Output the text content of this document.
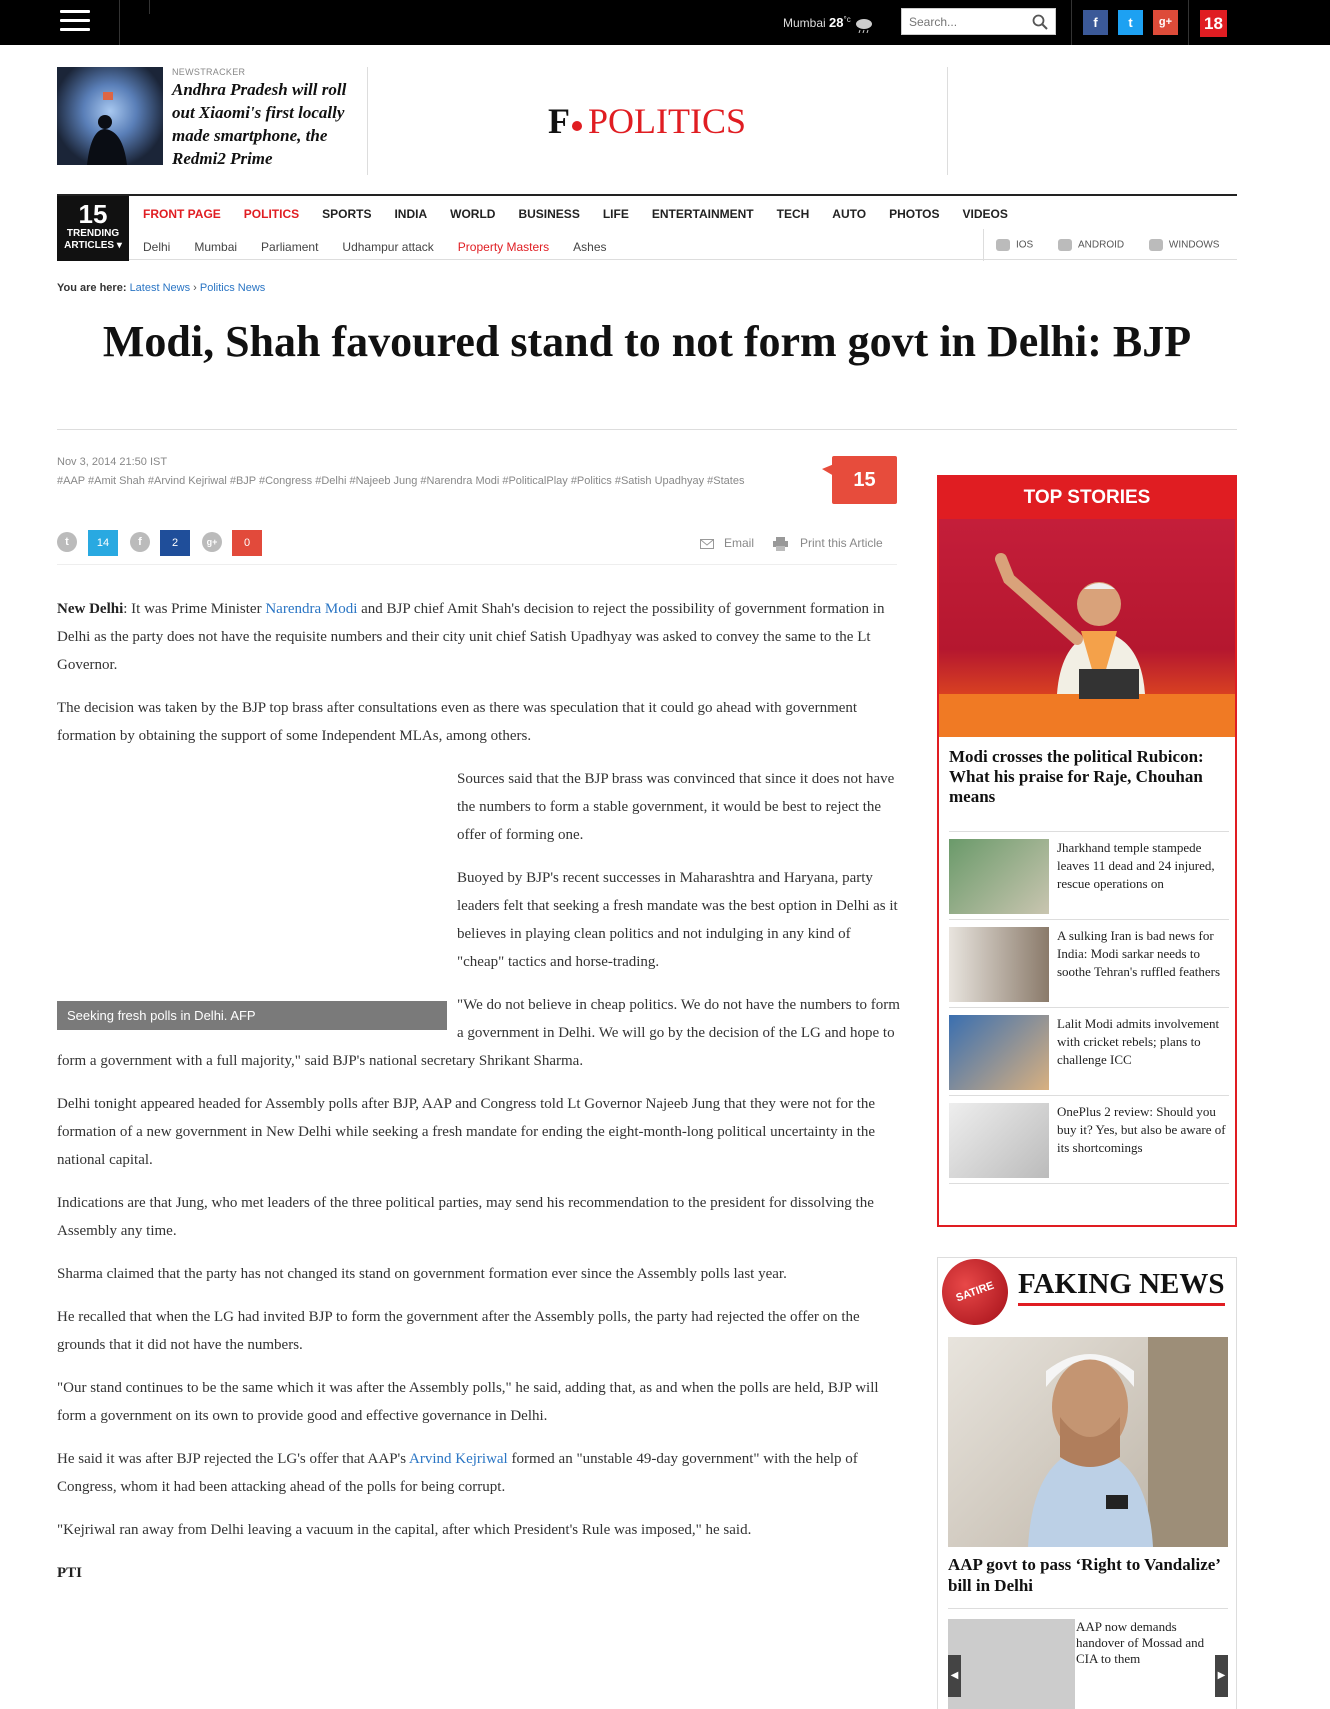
Mumbai $28^{^\circ c}$
Search...	f	t	g+	18
NEWSTRACKER
Andhra Pradesh will roll out Xiaomi's first locally made smartphone, the Redmi2 Prime
F POLITICS
15
TRENDING
ARTICLES ▾
FRONT PAGE POLITICS SPORTS INDIA WORLD BUSINESS LIFE ENTERTAINMENT TECH AUTO PHOTOS VIDEOS
Delhi Mumbai Parliament Udhampur attack Property Masters Ashes	IOS	ANDROID	WINDOWS
You are here: Latest News › Politics News
Modi, Shah favoured stand to not form govt in Delhi: BJP
Nov 3, 2014 21:50 IST
#AAP #Amit Shah #Arvind Kejriwal #BJP #Congress #Delhi #Najeeb Jung #Narendra Modi #PoliticalPlay #Politics #Satish Upadhyay #States	15
t	14	f	2	g+	0	Email	Print this Article

New Delhi: It was Prime Minister Narendra Modi and BJP chief Amit Shah's decision to reject the possibility of government formation in Delhi as the party does not have the requisite numbers and their city unit chief Satish Upadhyay was asked to convey the same to the Lt Governor.

The decision was taken by the BJP top brass after consultations even as there was speculation that it could go ahead with government formation by obtaining the support of some Independent MLAs, among others.

Seeking fresh polls in Delhi. AFP

Sources said that the BJP brass was convinced that since it does not have the numbers to form a stable government, it would be best to reject the offer of forming one.

Buoyed by BJP's recent successes in Maharashtra and Haryana, party leaders felt that seeking a fresh mandate was the best option in Delhi as it believes in playing clean politics and not indulging in any kind of "cheap" tactics and horse-trading.

"We do not believe in cheap politics. We do not have the numbers to form a government in Delhi. We will go by the decision of the LG and hope to form a government with a full majority," said BJP's national secretary Shrikant Sharma.

Delhi tonight appeared headed for Assembly polls after BJP, AAP and Congress told Lt Governor Najeeb Jung that they were not for the formation of a new government in New Delhi while seeking a fresh mandate for ending the eight-month-long political uncertainty in the national capital.

Indications are that Jung, who met leaders of the three political parties, may send his recommendation to the president for dissolving the Assembly any time.

Sharma claimed that the party has not changed its stand on government formation ever since the Assembly polls last year.

He recalled that when the LG had invited BJP to form the government after the Assembly polls, the party had rejected the offer on the grounds that it did not have the numbers.

"Our stand continues to be the same which it was after the Assembly polls," he said, adding that, as and when the polls are held, BJP will form a government on its own to provide good and effective governance in Delhi.

He said it was after BJP rejected the LG's offer that AAP's Arvind Kejriwal formed an "unstable 49-day government" with the help of Congress, whom it had been attacking ahead of the polls for being corrupt.

"Kejriwal ran away from Delhi leaving a vacuum in the capital, after which President's Rule was imposed," he said.

PTI

TOP STORIES
Modi crosses the political Rubicon: What his praise for Raje, Chouhan means
Jharkhand temple stampede leaves 11 dead and 24 injured, rescue operations on
A sulking Iran is bad news for India: Modi sarkar needs to soothe Tehran's ruffled feathers
Lalit Modi admits involvement with cricket rebels; plans to challenge ICC
OnePlus 2 review: Should you buy it? Yes, but also be aware of its shortcomings
SATIRE FAKING NEWS
AAP govt to pass ‘Right to Vandalize’ bill in Delhi
AAP now demands handover of Mossad and CIA to them
◀	▶
